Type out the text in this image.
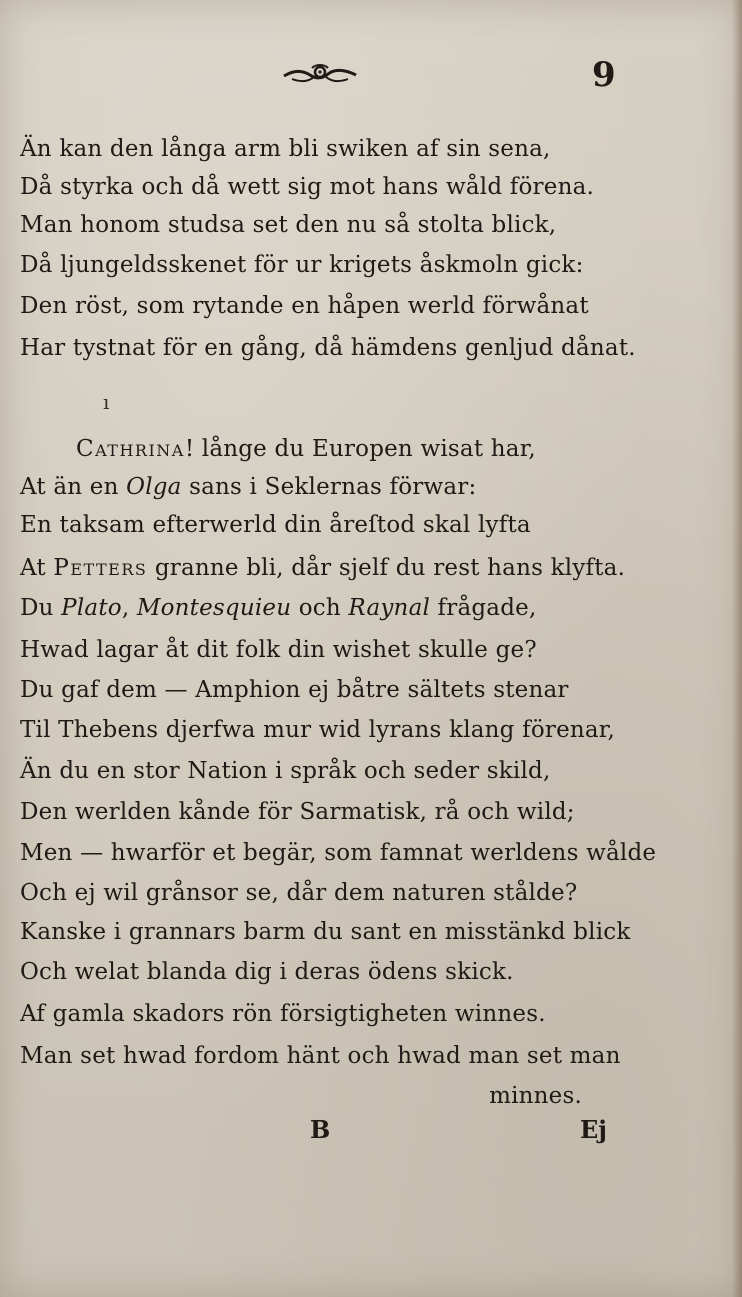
9
Än kan den långa arm bli swiken af sin sena,
Då styrka och då wett sig mot hans wåld förena.
Man honom studsa set den nu så stolta blick,
Då ljungeldsskenet för ur krigets åskmoln gick:
Den röst, som rytande en håpen werld förwånat
Har tystnat för en gång, då hämdens genljud dånat.
ı
Cathrina! långe du Europen wisat har,
At än en Olga sans i Seklernas förwar:
En taksam efterwerld din åreſtod skal lyfta
At Petters granne bli, dår sjelf du rest hans klyfta.
Du Plato, Montesquieu och Raynal frågade,
Hwad lagar åt dit folk din wishet skulle ge?
Du gaf dem — Amphion ej båtre sältets stenar
Til Thebens djerfwa mur wid lyrans klang förenar,
Än du en stor Nation i språk och seder skild,
Den werlden kånde för Sarmatisk, rå och wild;
Men — hwarför et begär, som famnat werldens wålde
Och ej wil grånsor se, dår dem naturen stålde?
Kanske i grannars barm du sant en misstänkd blick
Och welat blanda dig i deras ödens skick.
Af gamla skadors rön försigtigheten winnes.
Man set hwad fordom hänt och hwad man set man
minnes.
B	Ej
